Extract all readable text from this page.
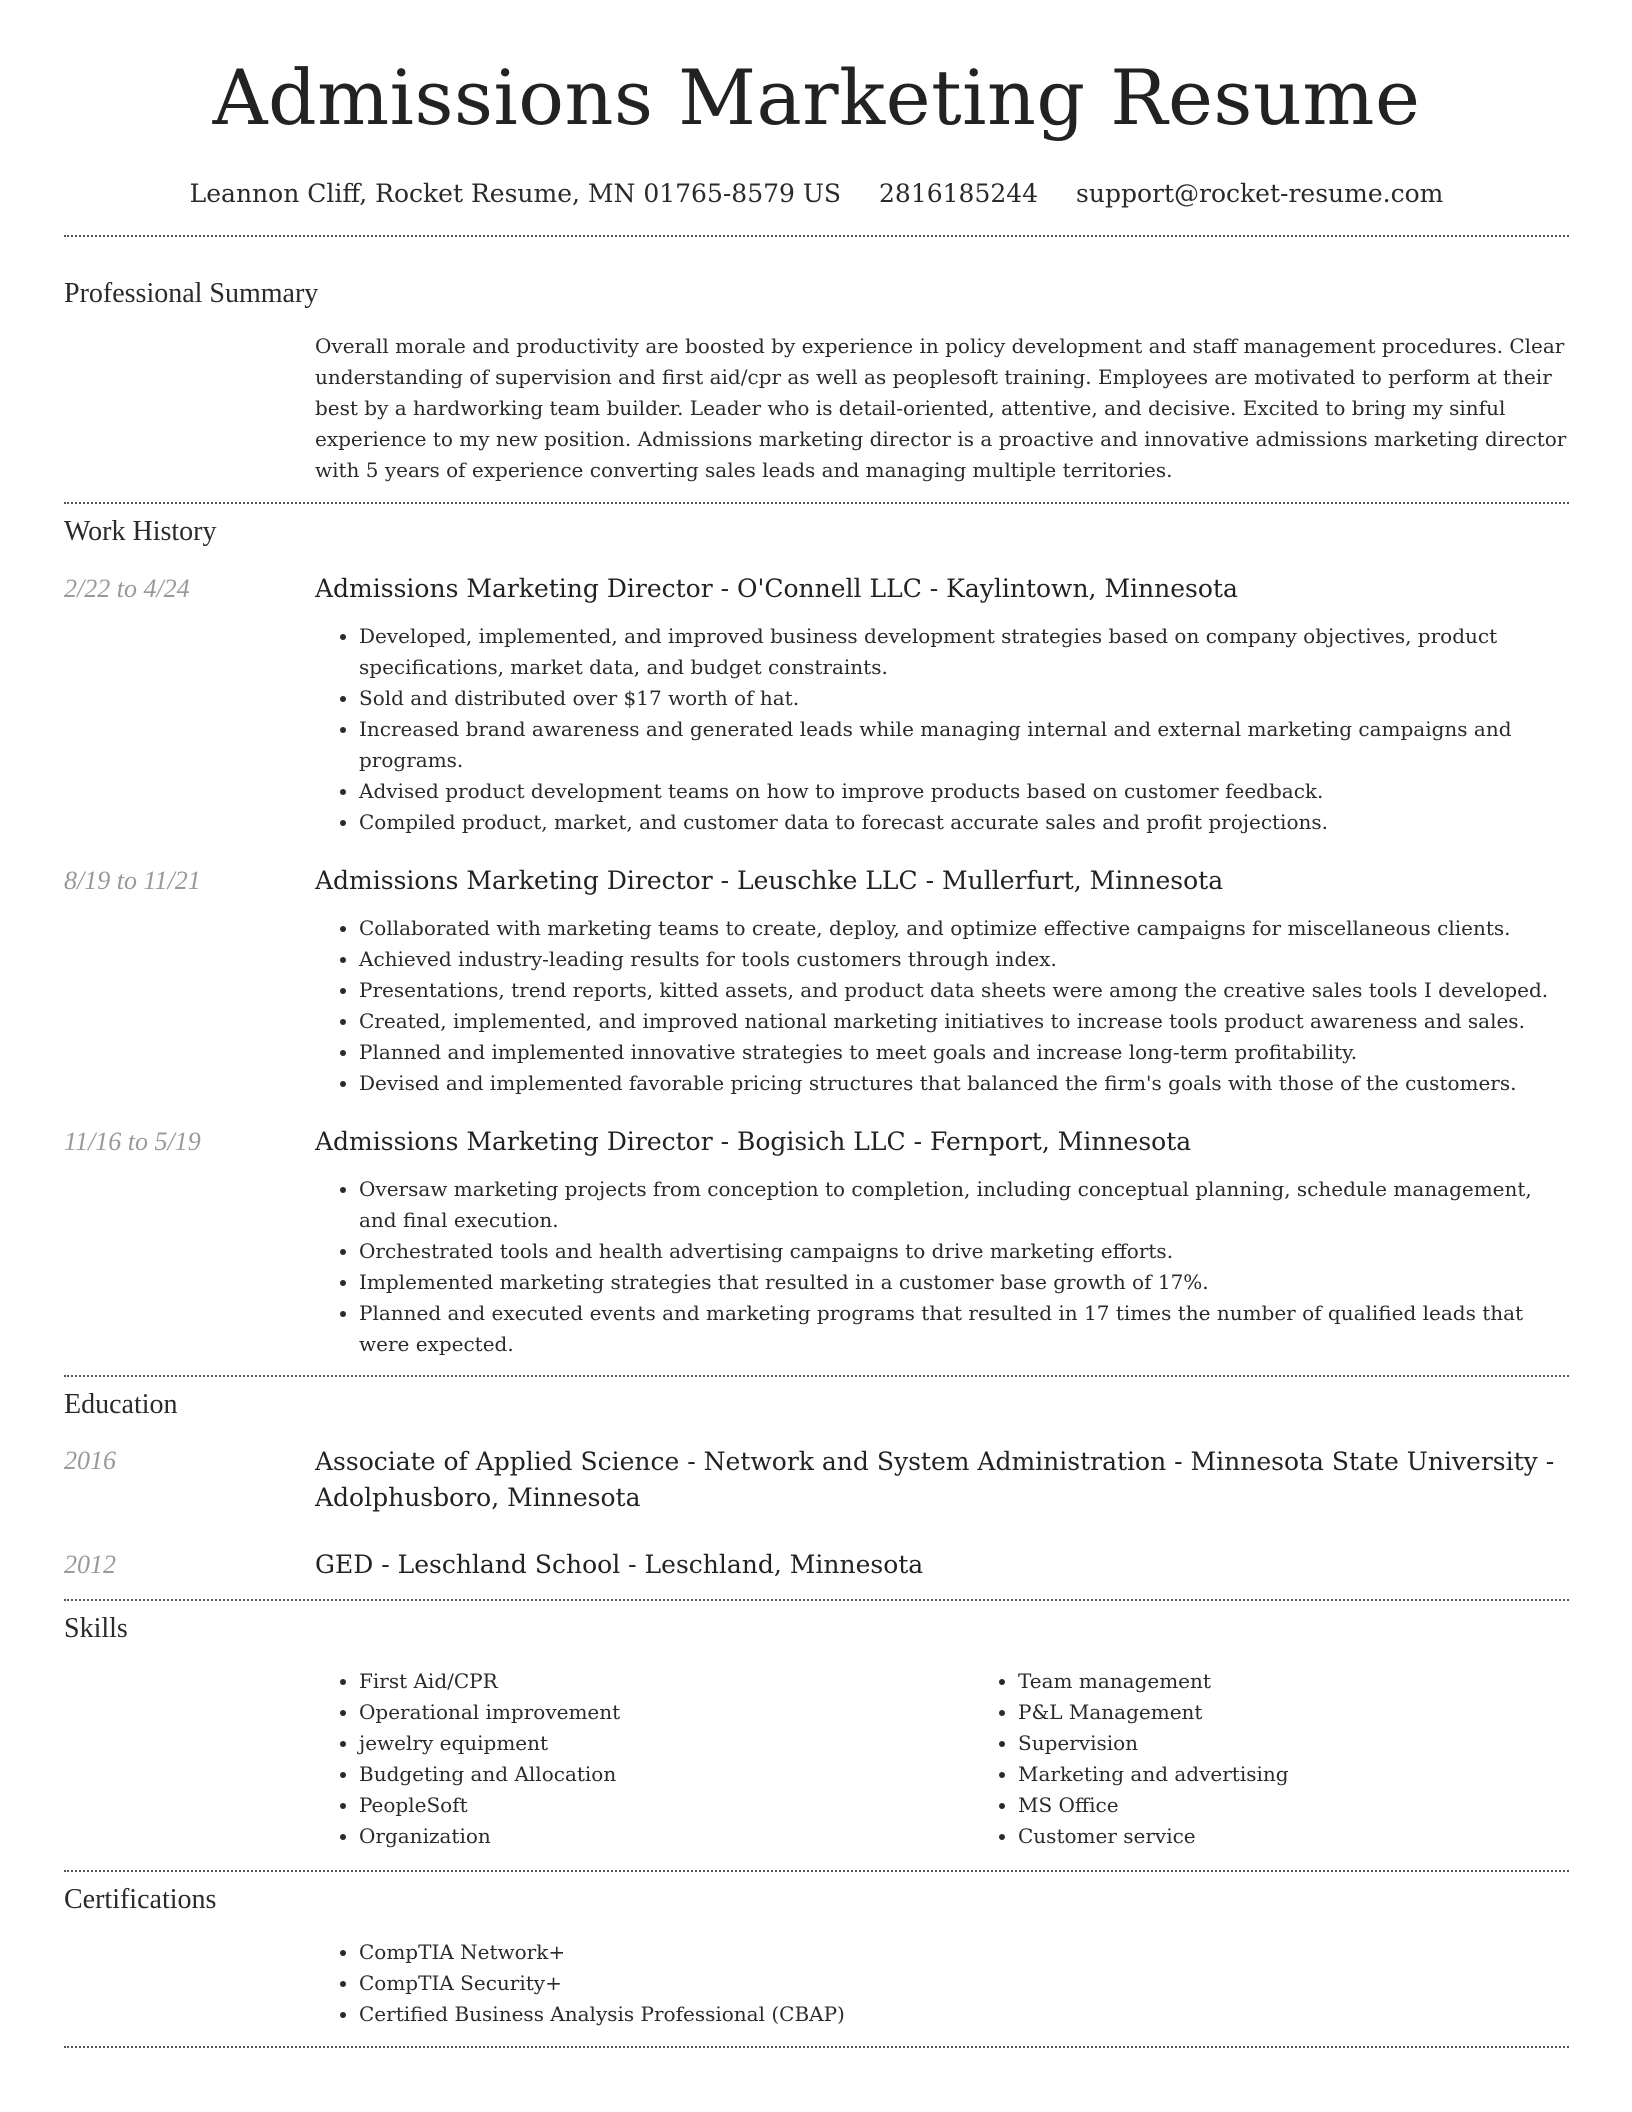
Admissions Marketing Resume
Leannon Cliff, Rocket Resume, MN 01765-8579 US 2816185244 support@rocket-resume.com
Professional Summary
Overall morale and productivity are boosted by experience in policy development and staff management procedures. Clear understanding of supervision and first aid/cpr as well as peoplesoft training. Employees are motivated to perform at their best by a hardworking team builder. Leader who is detail-oriented, attentive, and decisive. Excited to bring my sinful experience to my new position. Admissions marketing director is a proactive and innovative admissions marketing director with 5 years of experience converting sales leads and managing multiple territories.
Work History
2/22 to 4/24	Admissions Marketing Director - O'Connell LLC - Kaylintown, Minnesota
• Developed, implemented, and improved business development strategies based on company objectives, product specifications, market data, and budget constraints.
• Sold and distributed over $17 worth of hat.
• Increased brand awareness and generated leads while managing internal and external marketing campaigns and programs.
• Advised product development teams on how to improve products based on customer feedback.
• Compiled product, market, and customer data to forecast accurate sales and profit projections.
8/19 to 11/21	Admissions Marketing Director - Leuschke LLC - Mullerfurt, Minnesota
• Collaborated with marketing teams to create, deploy, and optimize effective campaigns for miscellaneous clients.
• Achieved industry-leading results for tools customers through index.
• Presentations, trend reports, kitted assets, and product data sheets were among the creative sales tools I developed.
• Created, implemented, and improved national marketing initiatives to increase tools product awareness and sales.
• Planned and implemented innovative strategies to meet goals and increase long-term profitability.
• Devised and implemented favorable pricing structures that balanced the firm's goals with those of the customers.
11/16 to 5/19	Admissions Marketing Director - Bogisich LLC - Fernport, Minnesota
• Oversaw marketing projects from conception to completion, including conceptual planning, schedule management, and final execution.
• Orchestrated tools and health advertising campaigns to drive marketing efforts.
• Implemented marketing strategies that resulted in a customer base growth of 17%.
• Planned and executed events and marketing programs that resulted in 17 times the number of qualified leads that were expected.
Education
2016	Associate of Applied Science - Network and System Administration - Minnesota State University - Adolphusboro, Minnesota
2012	GED - Leschland School - Leschland, Minnesota
Skills
• First Aid/CPR
• Operational improvement
• jewelry equipment
• Budgeting and Allocation
• PeopleSoft
• Organization
• Team management
• P&L Management
• Supervision
• Marketing and advertising
• MS Office
• Customer service
Certifications
• CompTIA Network+
• CompTIA Security+
• Certified Business Analysis Professional (CBAP)
